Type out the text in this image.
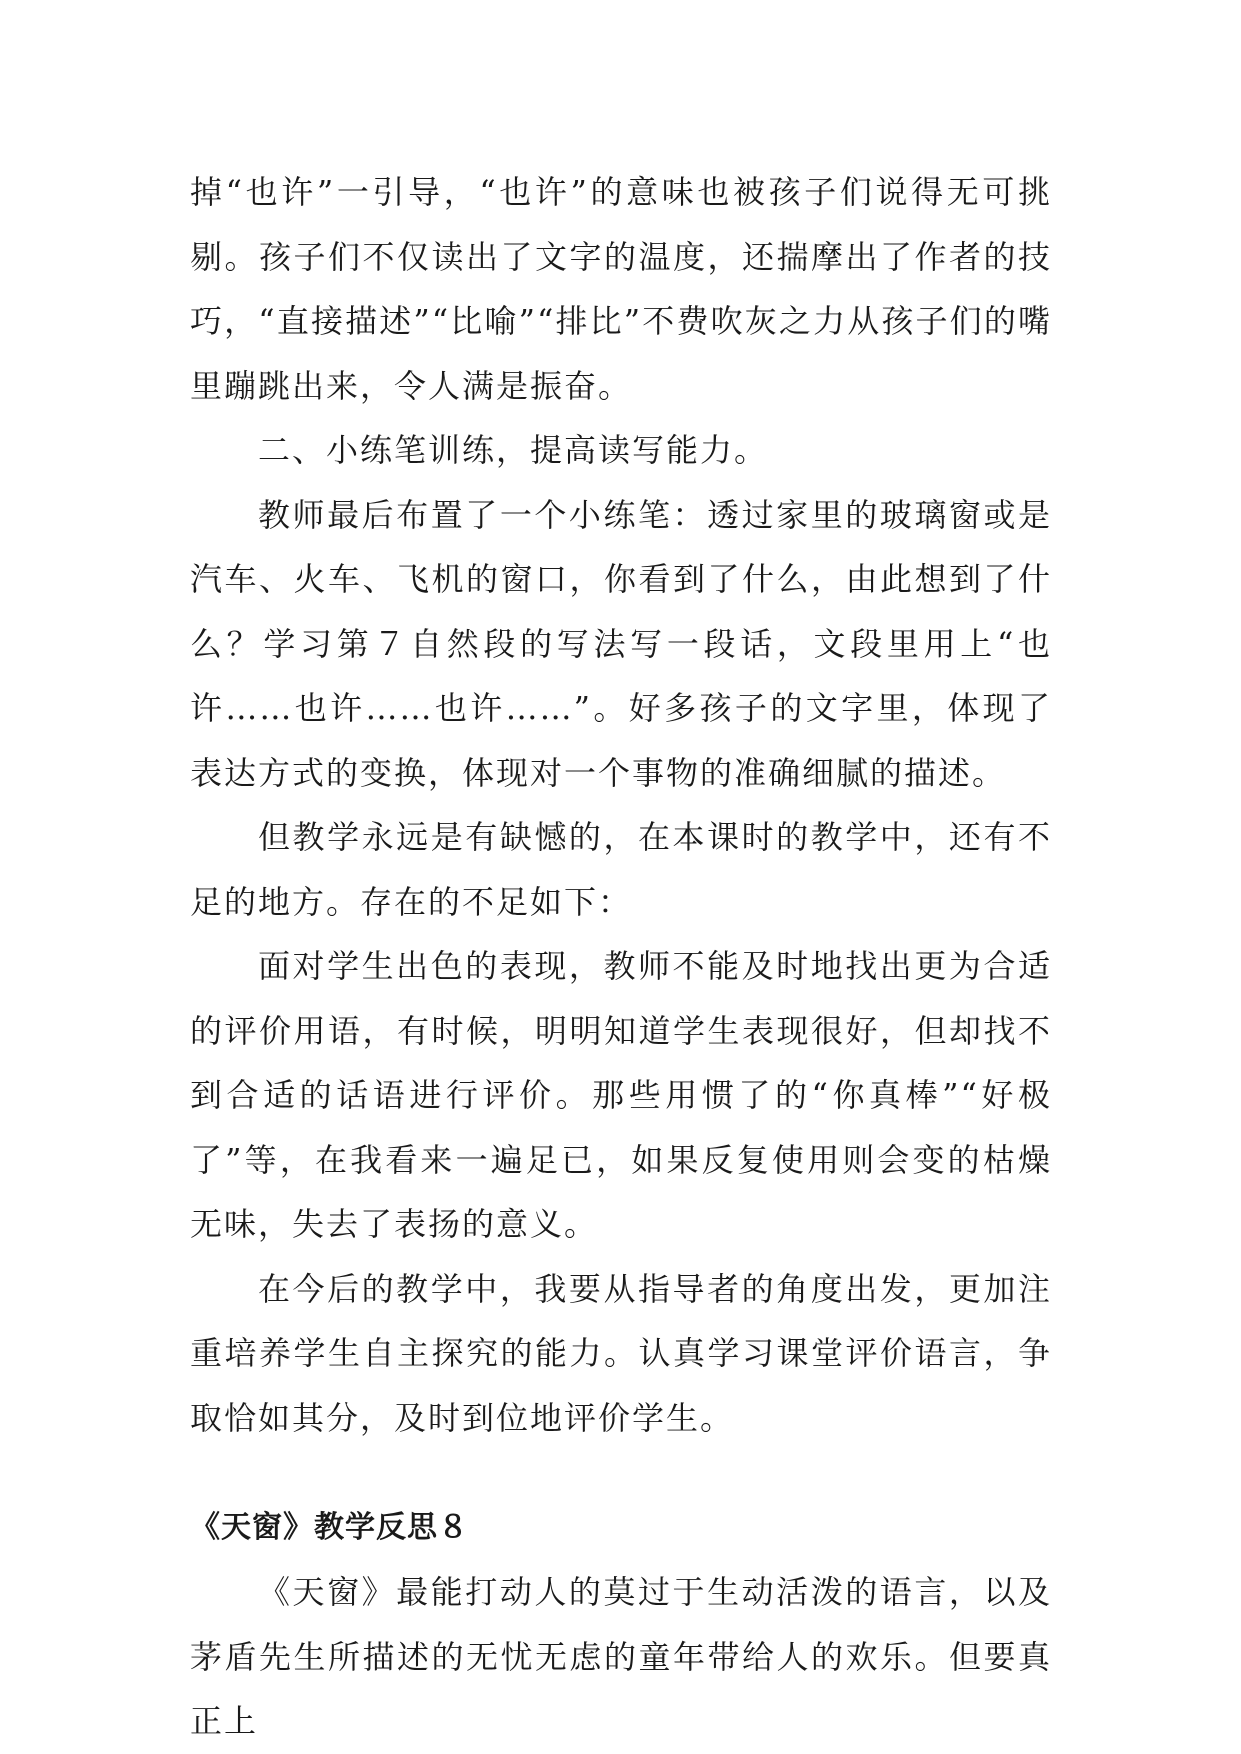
掉“也许”一引导，“也许”的意味也被孩子们说得无可挑剔。孩子们不仅读出了文字的温度，还揣摩出了作者的技巧，“直接描述”“比喻”“排比”不费吹灰之力从孩子们的嘴里蹦跳出来，令人满是振奋。

二、小练笔训练，提高读写能力。

教师最后布置了一个小练笔：透过家里的玻璃窗或是汽车、火车、飞机的窗口，你看到了什么，由此想到了什么？学习第７自然段的写法写一段话，文段里用上“也许……也许……也许……”。好多孩子的文字里，体现了表达方式的变换，体现对一个事物的准确细腻的描述。

但教学永远是有缺憾的，在本课时的教学中，还有不足的地方。存在的不足如下：

面对学生出色的表现，教师不能及时地找出更为合适的评价用语，有时候，明明知道学生表现很好，但却找不到合适的话语进行评价。那些用惯了的“你真棒”“好极了”等，在我看来一遍足已，如果反复使用则会变的枯燥无味，失去了表扬的意义。

在今后的教学中，我要从指导者的角度出发，更加注重培养学生自主探究的能力。认真学习课堂评价语言，争取恰如其分，及时到位地评价学生。

《天窗》教学反思８

《天窗》最能打动人的莫过于生动活泼的语言，以及茅盾先生所描述的无忧无虑的童年带给人的欢乐。但要真正上
